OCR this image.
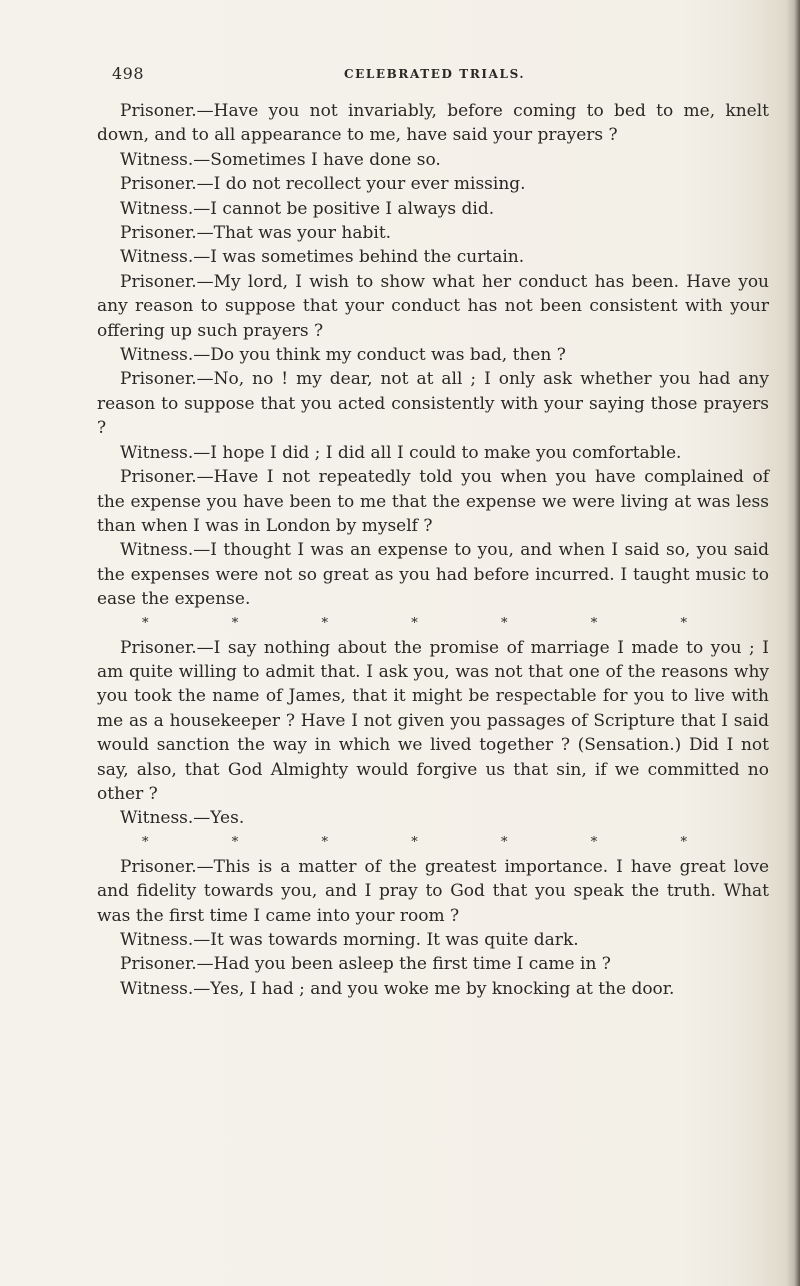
498	CELEBRATED TRIALS.

Prisoner.—Have you not invariably, before coming to bed to me, knelt down, and to all appearance to me, have said your prayers ?

Witness.—Sometimes I have done so.

Prisoner.—I do not recollect your ever missing.

Witness.—I cannot be positive I always did.

Prisoner.—That was your habit.

Witness.—I was sometimes behind the curtain.

Prisoner.—My lord, I wish to show what her conduct has been. Have you any reason to suppose that your conduct has not been consistent with your offering up such prayers ?

Witness.—Do you think my conduct was bad, then ?

Prisoner.—No, no ! my dear, not at all ; I only ask whether you had any reason to suppose that you acted consistently with your saying those prayers ?

Witness.—I hope I did ; I did all I could to make you comfortable.

Prisoner.—Have I not repeatedly told you when you have complained of the expense you have been to me that the expense we were living at was less than when I was in London by myself ?

Witness.—I thought I was an expense to you, and when I said so, you said the expenses were not so great as you had before incurred. I taught music to ease the expense.

*	*	*	*	*	*	*

Prisoner.—I say nothing about the promise of marriage I made to you ; I am quite willing to admit that. I ask you, was not that one of the reasons why you took the name of James, that it might be respectable for you to live with me as a housekeeper ? Have I not given you passages of Scripture that I said would sanction the way in which we lived together ? (Sensation.) Did I not say, also, that God Almighty would forgive us that sin, if we committed no other ?

Witness.—Yes.

*	*	*	*	*	*	*

Prisoner.—This is a matter of the greatest importance. I have great love and fidelity towards you, and I pray to God that you speak the truth. What was the first time I came into your room ?

Witness.—It was towards morning. It was quite dark.

Prisoner.—Had you been asleep the first time I came in ?

Witness.—Yes, I had ; and you woke me by knocking at the door.
